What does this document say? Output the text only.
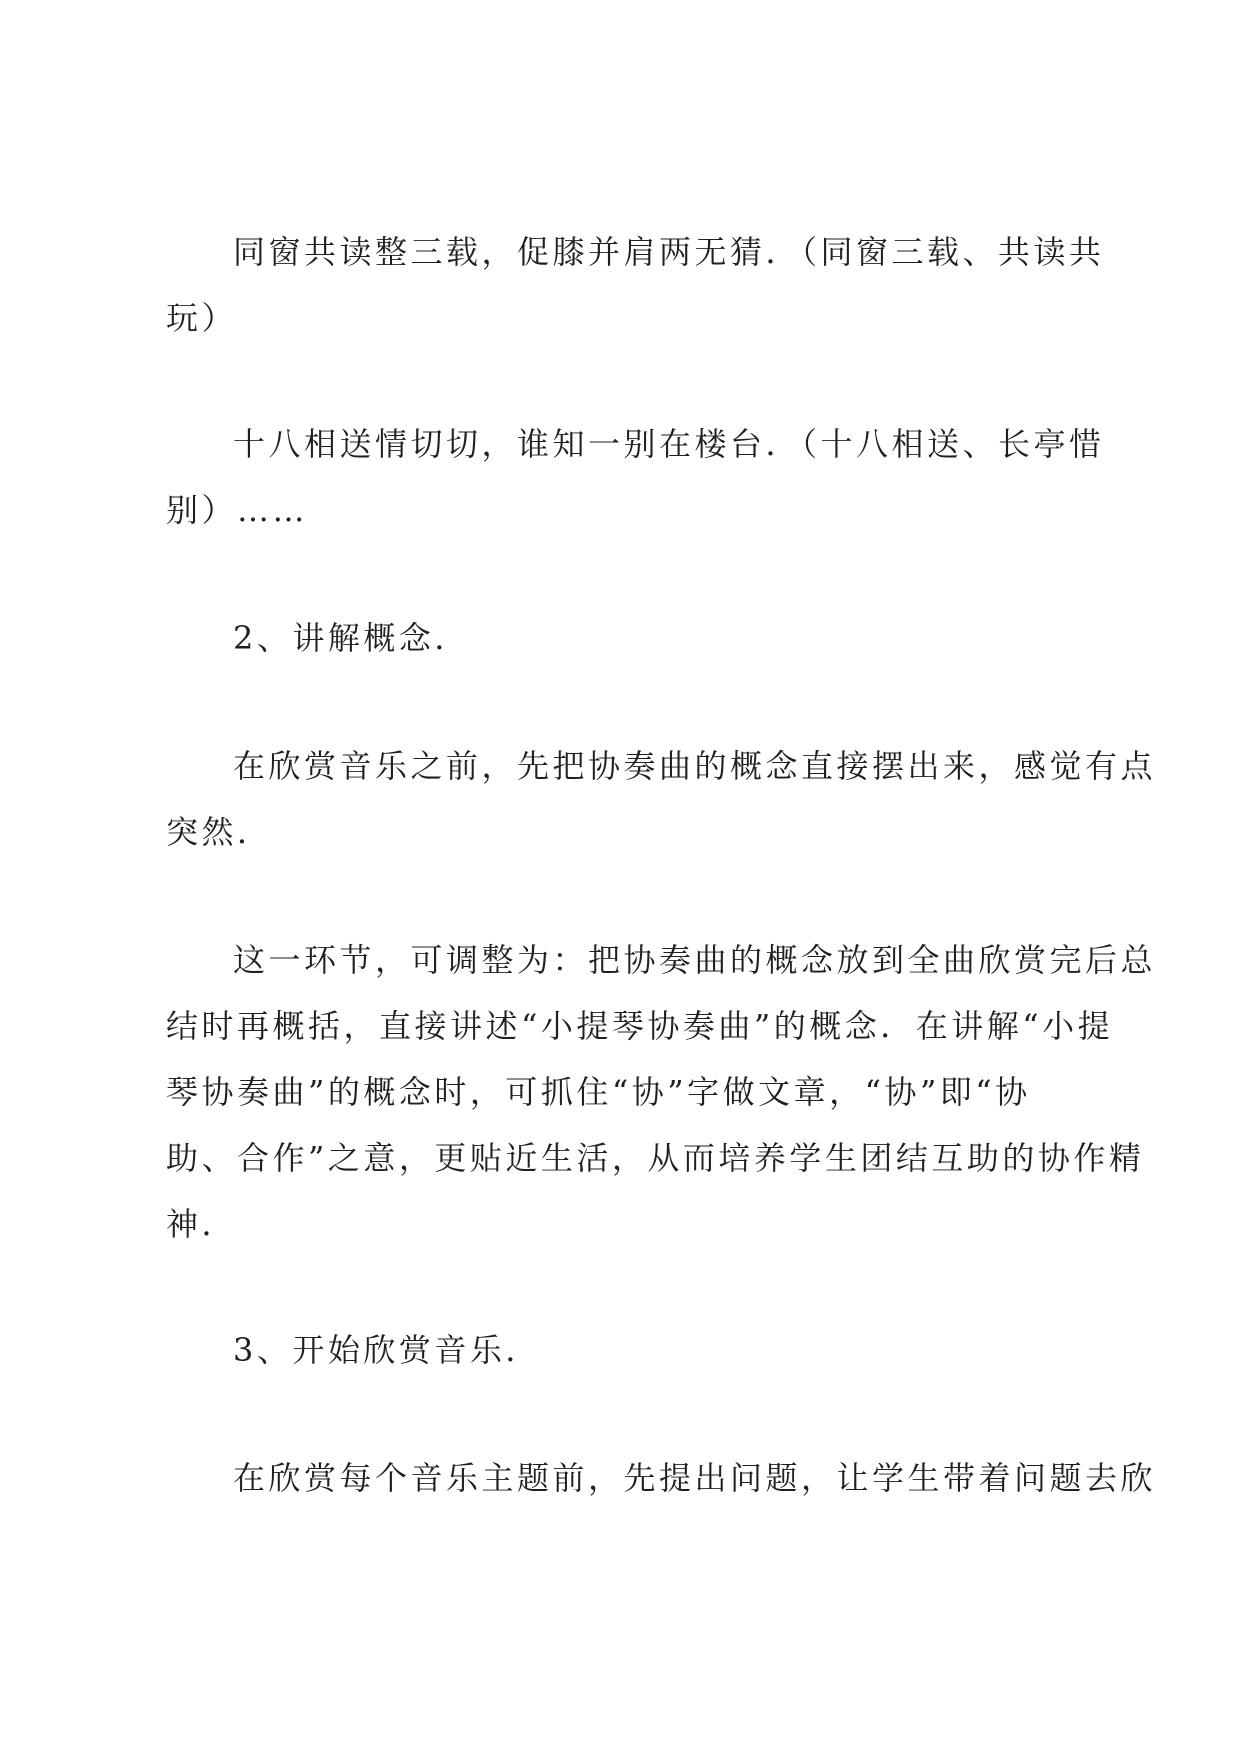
同窗共读整三载，促膝并肩两无猜．（同窗三载、共读共
玩）
十八相送情切切，谁知一别在楼台．（十八相送、长亭惜
别）……
2、讲解概念．
在欣赏音乐之前，先把协奏曲的概念直接摆出来，感觉有点
突然．
这一环节，可调整为：把协奏曲的概念放到全曲欣赏完后总
结时再概括，直接讲述“小提琴协奏曲”的概念．在讲解“小提
琴协奏曲”的概念时，可抓住“协”字做文章，“协”即“协
助、合作”之意，更贴近生活，从而培养学生团结互助的协作精
神．
3、开始欣赏音乐．
在欣赏每个音乐主题前，先提出问题，让学生带着问题去欣
